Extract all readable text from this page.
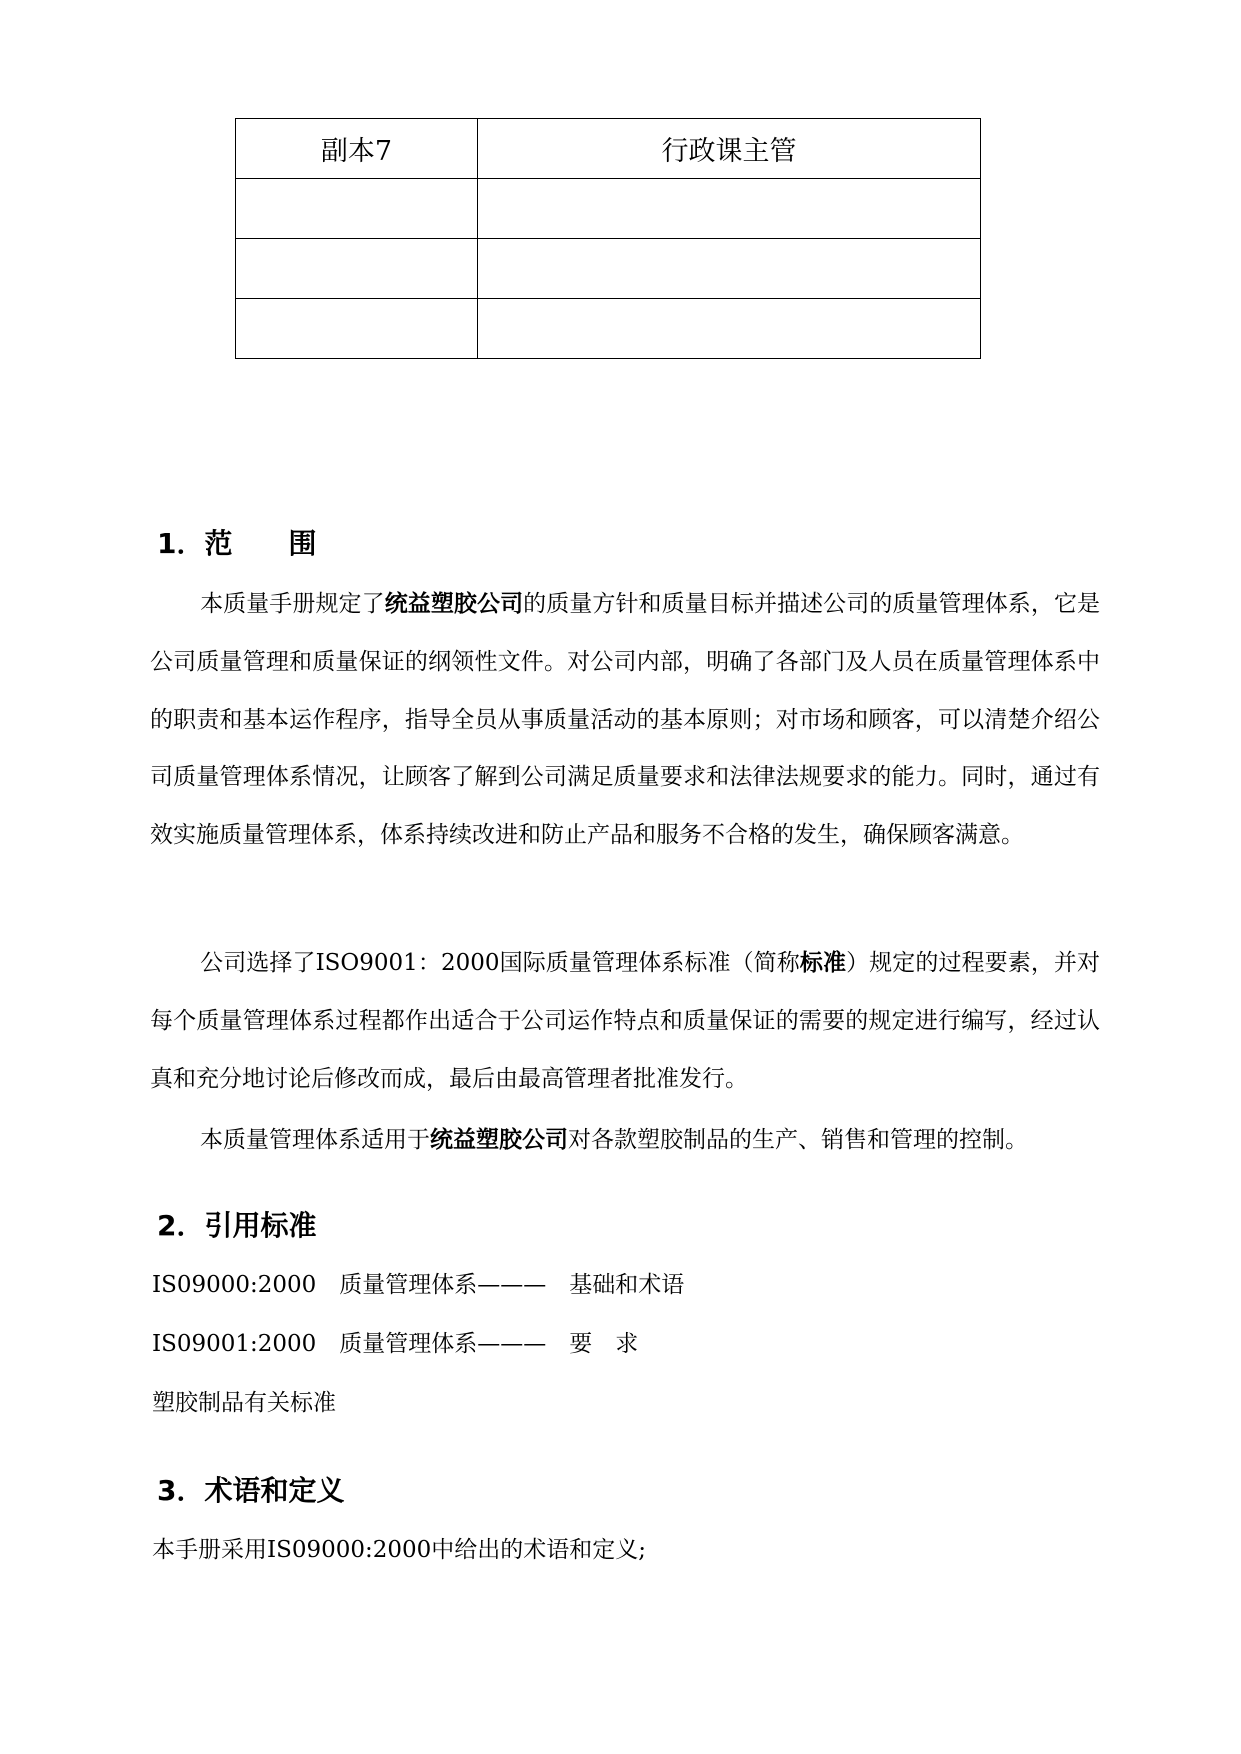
副本7	行政课主管

1．范　　围

本质量手册规定了统益塑胶公司的质量方针和质量目标并描述公司的质量管理体系，它是公司质量管理和质量保证的纲领性文件。对公司内部，明确了各部门及人员在质量管理体系中的职责和基本运作程序，指导全员从事质量活动的基本原则；对市场和顾客，可以清楚介绍公司质量管理体系情况，让顾客了解到公司满足质量要求和法律法规要求的能力。同时，通过有效实施质量管理体系，体系持续改进和防止产品和服务不合格的发生，确保顾客满意。

公司选择了ISO9001：2000国际质量管理体系标准（简称标准）规定的过程要素，并对每个质量管理体系过程都作出适合于公司运作特点和质量保证的需要的规定进行编写，经过认真和充分地讨论后修改而成，最后由最高管理者批准发行。

本质量管理体系适用于统益塑胶公司对各款塑胶制品的生产、销售和管理的控制。

2．引用标准
IS09000:2000　质量管理体系———　基础和术语
IS09001:2000　质量管理体系———　要　求
塑胶制品有关标准
3．术语和定义
本手册采用IS09000:2000中给出的术语和定义;
